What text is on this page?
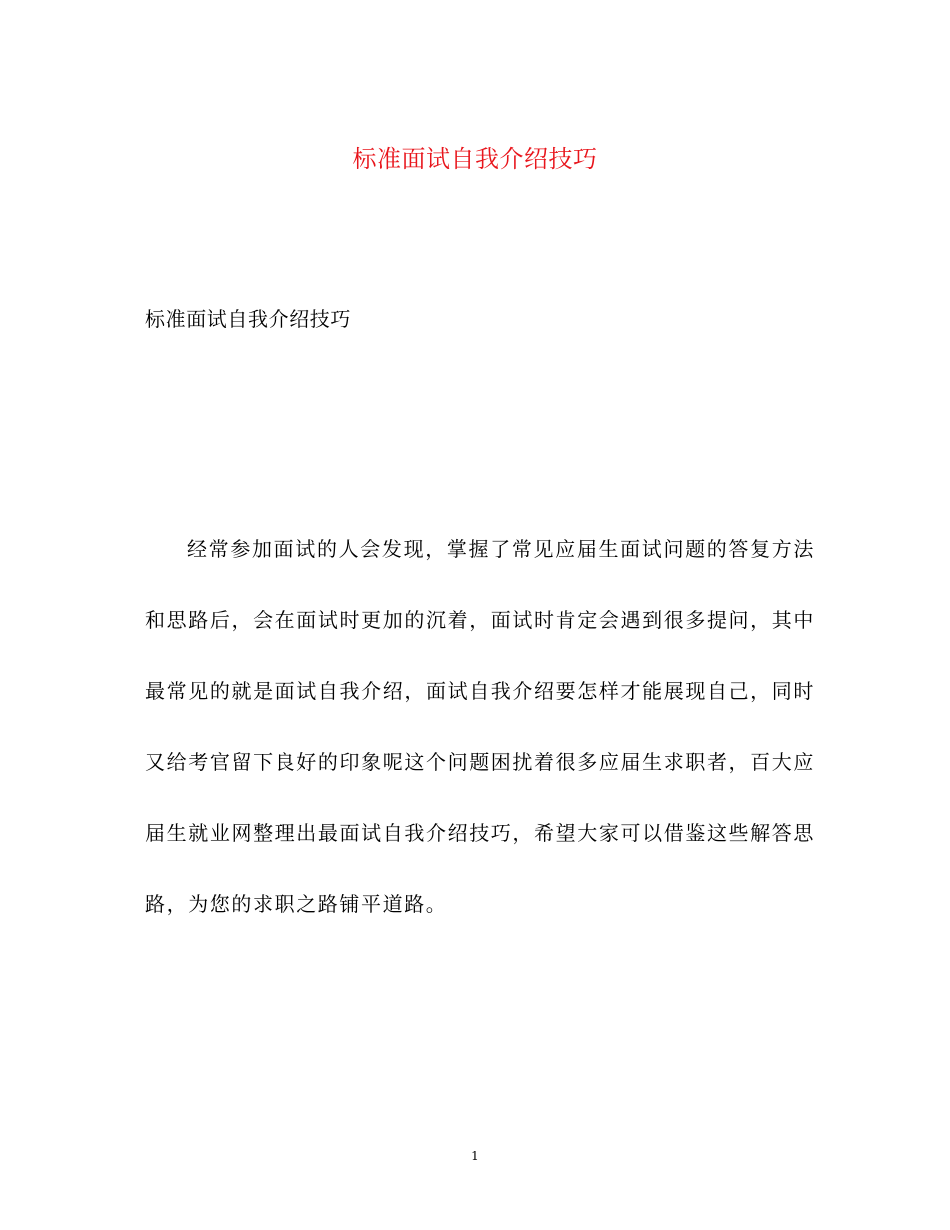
标准面试自我介绍技巧
标准面试自我介绍技巧

经常参加面试的人会发现，掌握了常见应届生面试问题的答复方法和思路后，会在面试时更加的沉着，面试时肯定会遇到很多提问，其中最常见的就是面试自我介绍，面试自我介绍要怎样才能展现自己，同时又给考官留下良好的印象呢这个问题困扰着很多应届生求职者，百大应届生就业网整理出最面试自我介绍技巧，希望大家可以借鉴这些解答思路，为您的求职之路铺平道路。

1
